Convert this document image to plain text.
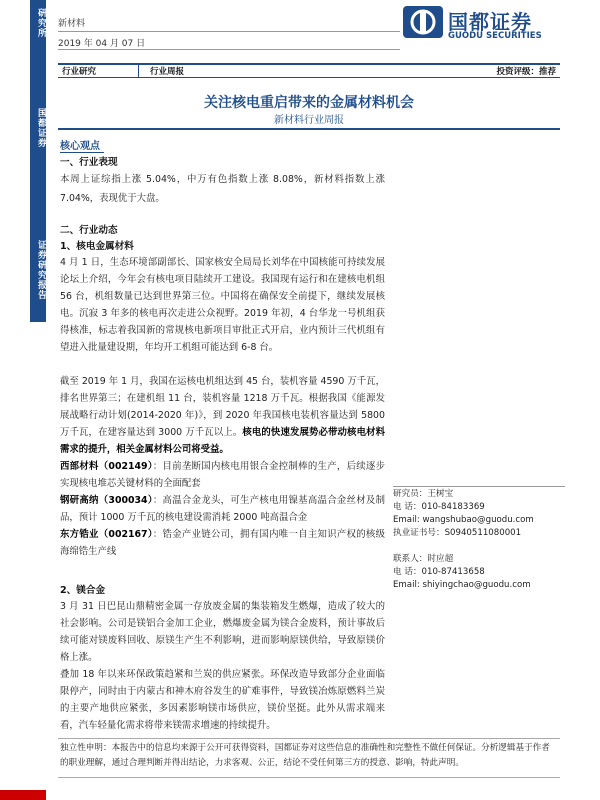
研究所
国都证券
证券研究报告
新材料
2019 年 04 月 07 日
国都证券
GUODU SECURITIES
行业研究	行业周报	投资评级：推荐
关注核电重启带来的金属材料机会
新材料行业周报
核心观点
一、行业表现
本周上证综指上涨 5.04%，中万有色指数上涨 8.08%，新材料指数上涨 7.04%，表现优于大盘。
二、行业动态
1、核电金属材料
4 月 1 日，生态环境部副部长、国家核安全局局长刘华在中国核能可持续发展论坛上介绍，今年会有核电项目陆续开工建设。我国现有运行和在建核电机组 56 台，机组数量已达到世界第三位。中国将在确保安全前提下，继续发展核电。沉寂 3 年多的核电再次走进公众视野。2019 年初，4 台华龙一号机组获得核准，标志着我国新的常规核电新项目审批正式开启，业内预计三代机组有望进入批量建设期，年均开工机组可能达到 6-8 台。
截至 2019 年 1 月，我国在运核电机组达到 45 台，装机容量 4590 万千瓦，排名世界第三；在建机组 11 台，装机容量 1218 万千瓦。根据我国《能源发展战略行动计划(2014-2020 年)》，到 2020 年我国核电装机容量达到 5800 万千瓦，在建容量达到 3000 万千瓦以上。核电的快速发展势必带动核电材料需求的提升，相关金属材料公司将受益。
西部材料（002149）：目前垄断国内核电用银合金控制棒的生产，后续逐步实现核电堆芯关键材料的全面配套
钢研高纳（300034）：高温合金龙头，可生产核电用镍基高温合金丝材及制品，预计 1000 万千瓦的核电建设需消耗 2000 吨高温合金
东方锆业（002167）：锆金产业链公司，拥有国内唯一自主知识产权的核级海绵锆生产线
2、镁合金
3 月 31 日巴昆山鼎精密金属一存放废金属的集装箱发生燃爆，造成了较大的社会影响。公司是镁铝合金加工企业，燃爆废金属为镁合金废料，预计事故后续可能对镁废料回收、原镁生产生不利影响，进而影响原镁供给，导致原镁价格上涨。
叠加 18 年以来环保政策趋紧和兰炭的供应紧张。环保改造导致部分企业面临限停产，同时由于内蒙古和神木府谷发生的矿难事件，导致镁冶炼原燃料兰炭的主要产地供应紧张，多因素影响镁市场供应，镁价坚挺。此外从需求端来看，汽车轻量化需求将带来镁需求增速的持续提升。
研究员：王树宝
电 话：010-84183369
Email: wangshubao@guodu.com
执业证书号：S0940511080001
联系人：时应超
电 话：010-87413658
Email: shiyingchao@guodu.com
独立性申明：本报告中的信息均来源于公开可获得资料，国都证券对这些信息的准确性和完整性不做任何保证。分析逻辑基于作者的职业理解，通过合理判断并得出结论，力求客观、公正，结论不受任何第三方的授意、影响，特此声明。
